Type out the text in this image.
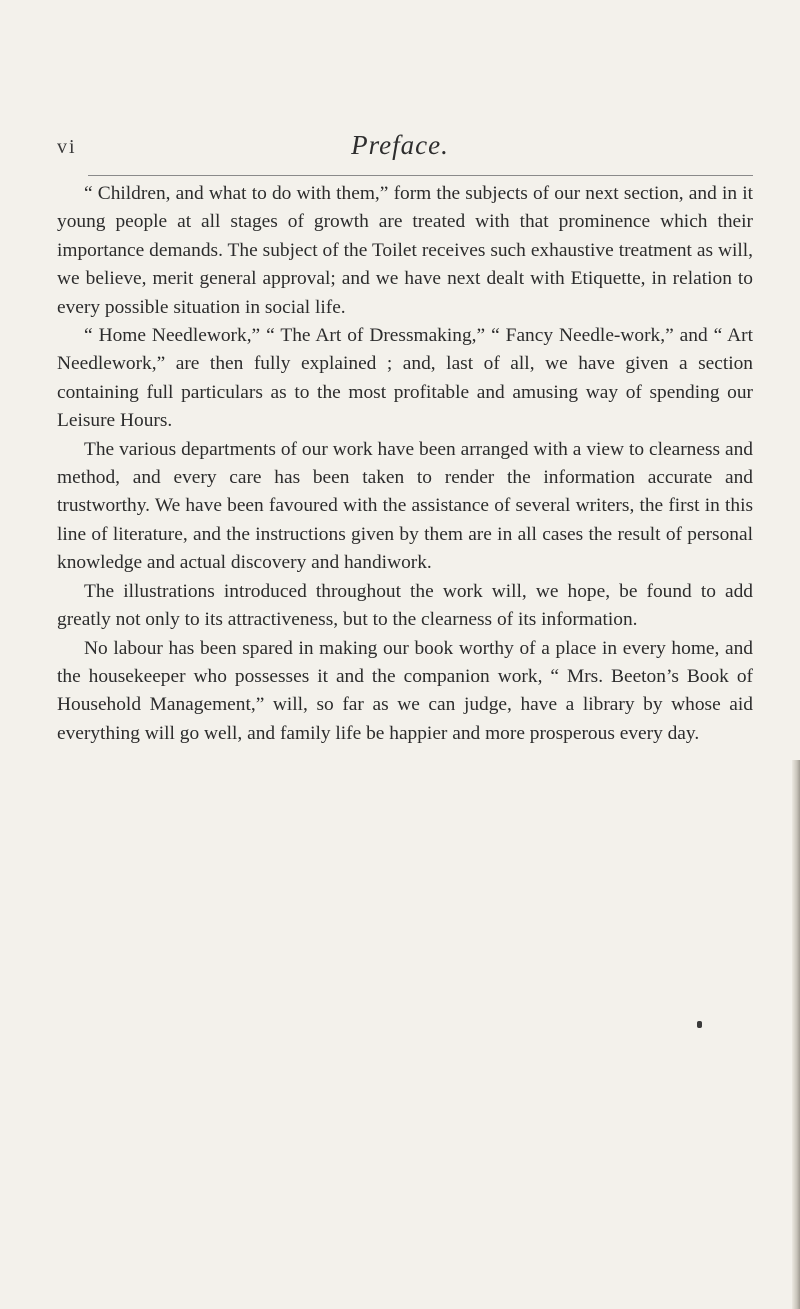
vi	Preface.

“ Children, and what to do with them,” form the subjects of our next section, and in it young people at all stages of growth are treated with that prominence which their importance demands. The subject of the Toilet receives such exhaustive treatment as will, we believe, merit general approval; and we have next dealt with Etiquette, in relation to every possible situation in social life.

“ Home Needlework,” “ The Art of Dressmaking,” “ Fancy Needle-work,” and “ Art Needlework,” are then fully explained ; and, last of all, we have given a section containing full particulars as to the most profitable and amusing way of spending our Leisure Hours.

The various departments of our work have been arranged with a view to clearness and method, and every care has been taken to render the information accurate and trustworthy. We have been favoured with the assistance of several writers, the first in this line of literature, and the instructions given by them are in all cases the result of personal knowledge and actual discovery and handiwork.

The illustrations introduced throughout the work will, we hope, be found to add greatly not only to its attractiveness, but to the clearness of its information.

No labour has been spared in making our book worthy of a place in every home, and the housekeeper who possesses it and the companion work, “ Mrs. Beeton’s Book of Household Management,” will, so far as we can judge, have a library by whose aid everything will go well, and family life be happier and more prosperous every day.
